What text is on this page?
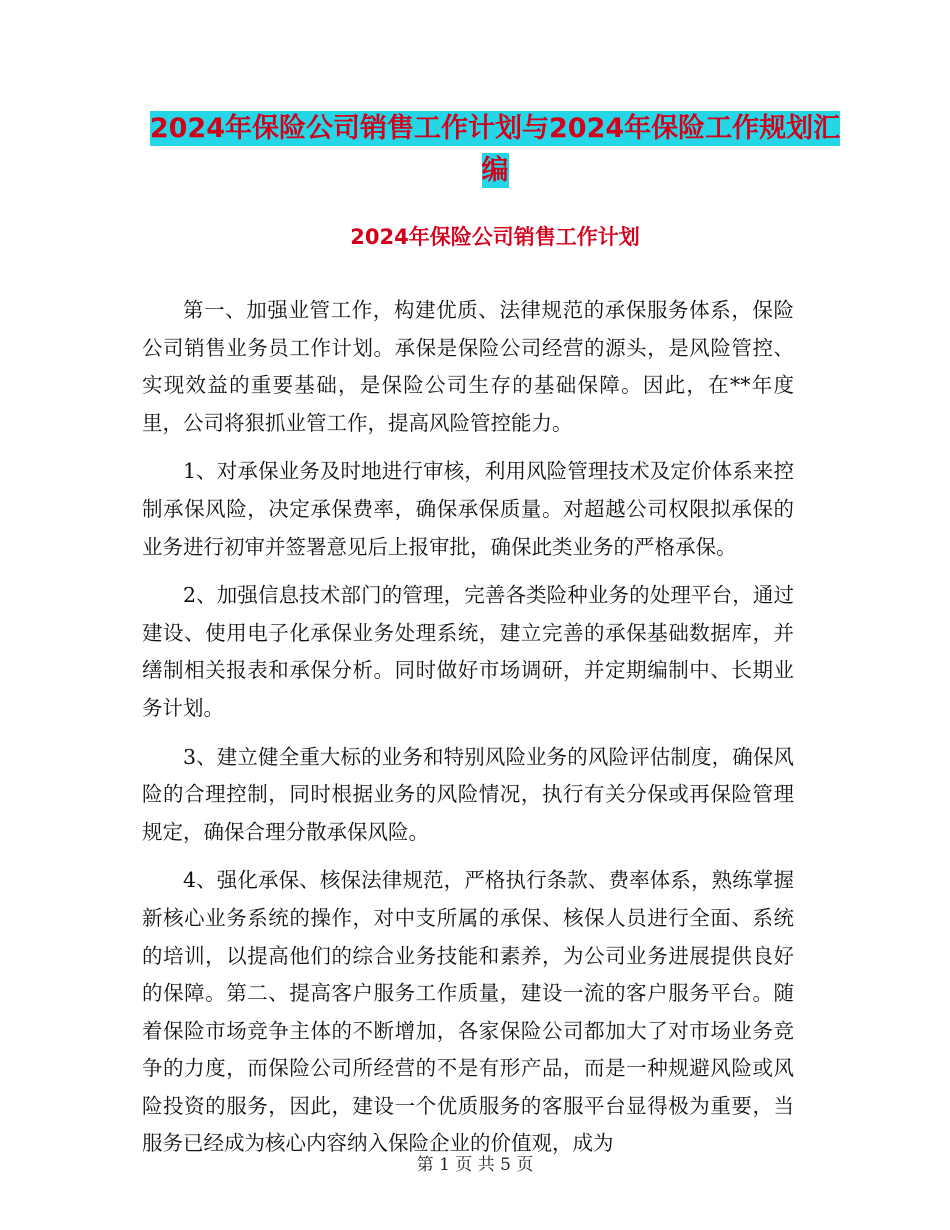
2024年保险公司销售工作计划与2024年保险工作规划汇编
2024年保险公司销售工作计划

第一、加强业管工作，构建优质、法律规范的承保服务体系，保险公司销售业务员工作计划。承保是保险公司经营的源头，是风险管控、实现效益的重要基础，是保险公司生存的基础保障。因此，在**年度里，公司将狠抓业管工作，提高风险管控能力。

1、对承保业务及时地进行审核，利用风险管理技术及定价体系来控制承保风险，决定承保费率，确保承保质量。对超越公司权限拟承保的业务进行初审并签署意见后上报审批，确保此类业务的严格承保。

2、加强信息技术部门的管理，完善各类险种业务的处理平台，通过建设、使用电子化承保业务处理系统，建立完善的承保基础数据库，并缮制相关报表和承保分析。同时做好市场调研，并定期编制中、长期业务计划。

3、建立健全重大标的业务和特别风险业务的风险评估制度，确保风险的合理控制，同时根据业务的风险情况，执行有关分保或再保险管理规定，确保合理分散承保风险。

4、强化承保、核保法律规范，严格执行条款、费率体系，熟练掌握新核心业务系统的操作，对中支所属的承保、核保人员进行全面、系统的培训，以提高他们的综合业务技能和素养，为公司业务进展提供良好的保障。第二、提高客户服务工作质量，建设一流的客户服务平台。随着保险市场竞争主体的不断增加，各家保险公司都加大了对市场业务竞争的力度，而保险公司所经营的不是有形产品，而是一种规避风险或风险投资的服务，因此，建设一个优质服务的客服平台显得极为重要，当服务已经成为核心内容纳入保险企业的价值观，成为

第 1 页 共 5 页
